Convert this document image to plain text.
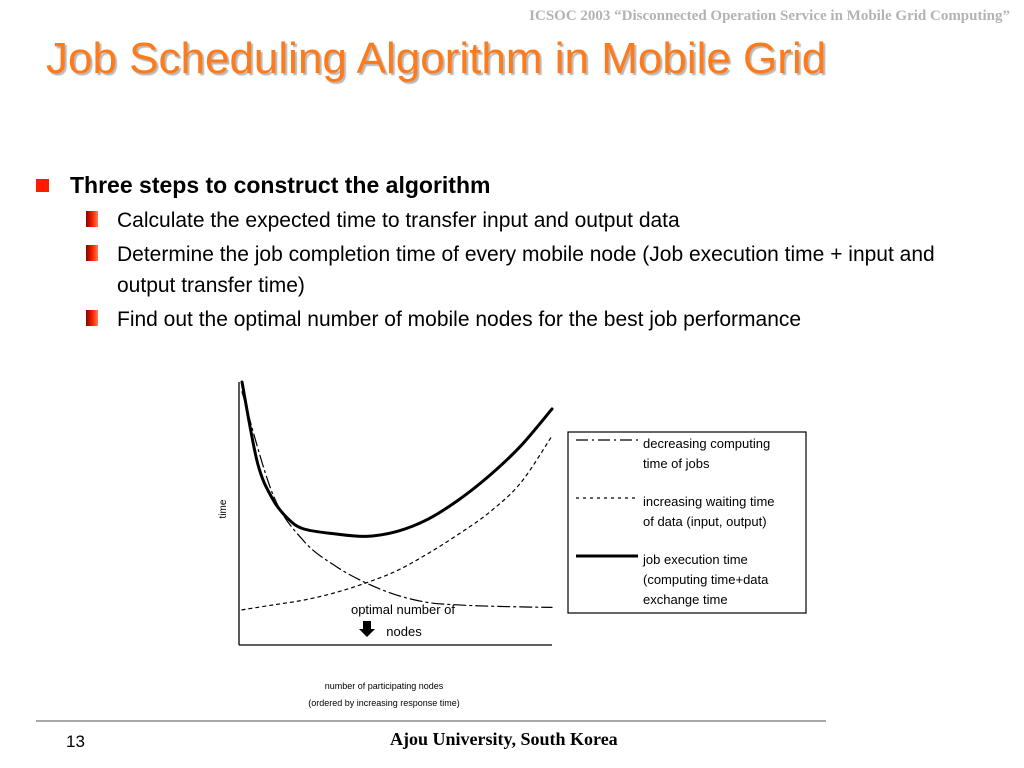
ICSOC 2003 “Disconnected Operation Service in Mobile Grid Computing”
Job Scheduling Algorithm in Mobile Grid
Three steps to construct the algorithm
Calculate the expected time to transfer input and output data
Determine the job completion time of every mobile node (Job execution time + input and output transfer time)
Find out the optimal number of mobile nodes for the best job performance
time
number of participating nodes
(ordered by increasing response time)
optimal number of
nodes
decreasing computing
time of jobs
increasing waiting time
of data (input, output)
job execution time
(computing time+data
exchange time
13	Ajou University, South Korea
